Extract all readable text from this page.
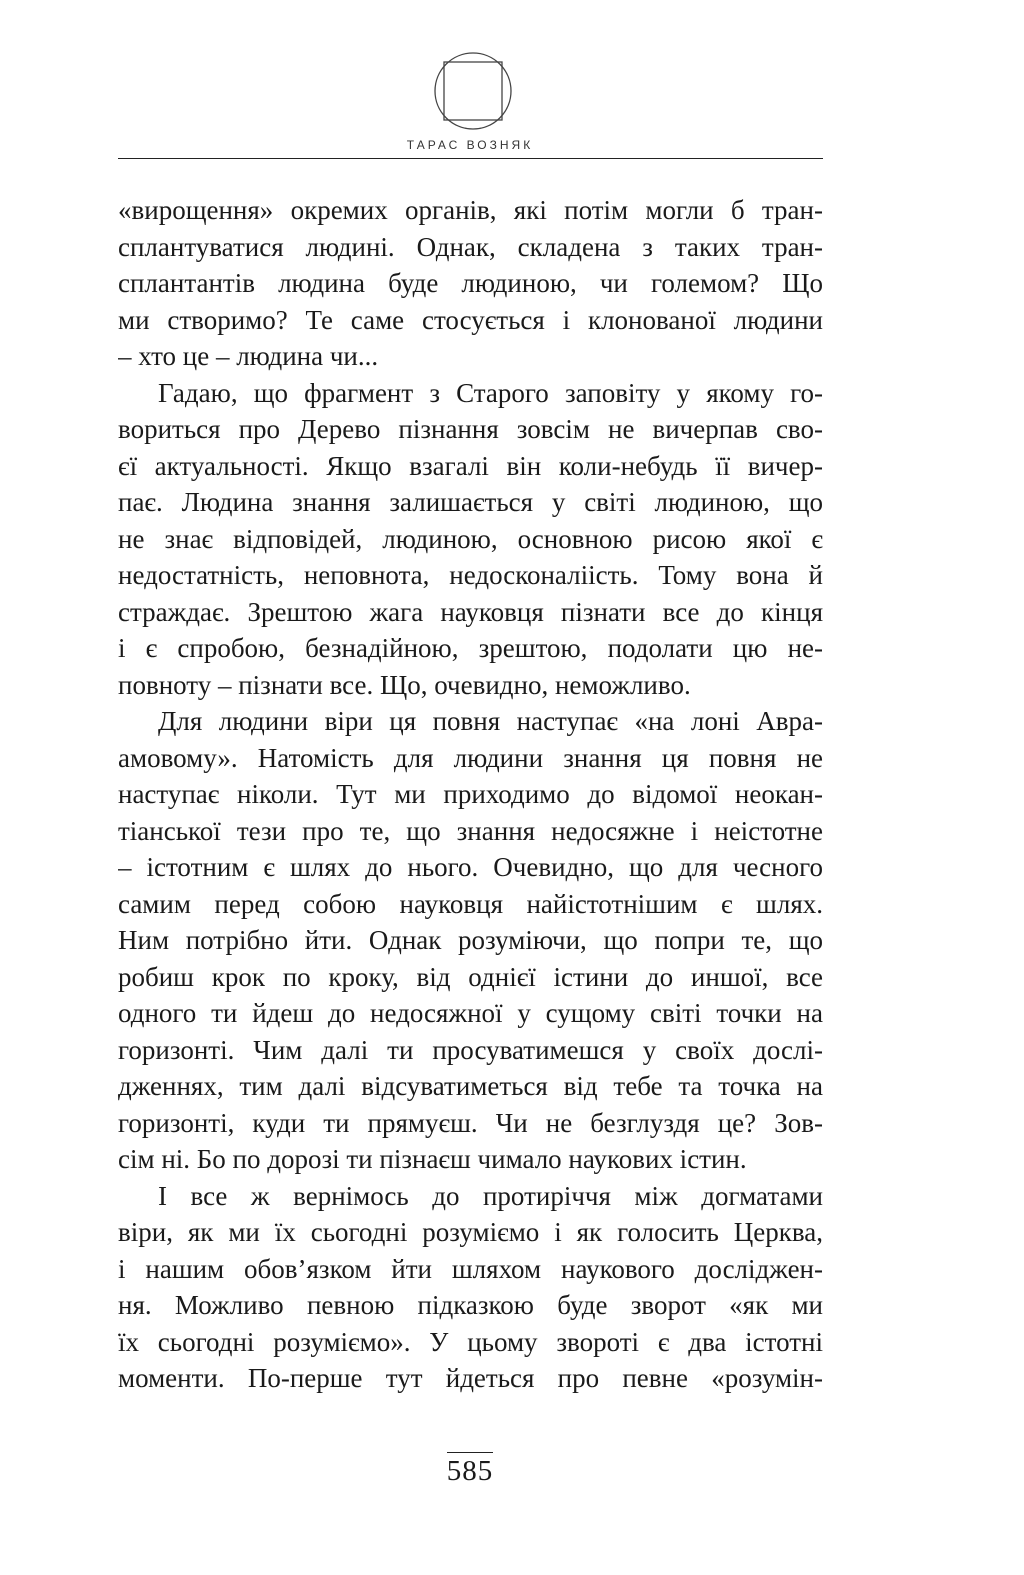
ТАРАС ВОЗНЯК
«вирощення» окремих органів, які потім могли б тран-
сплантуватися людині. Однак, складена з таких тран-
сплантантів людина буде людиною, чи големом? Що
ми створимо? Те саме стосується і клонованої людини
– хто це – людина чи...
Гадаю, що фрагмент з Старого заповіту у якому го-
вориться про Дерево пізнання зовсім не вичерпав сво-
єї актуальності. Якщо взагалі він коли-небудь її вичер-
пає. Людина знання залишається у світі людиною, що
не знає відповідей, людиною, основною рисою якої є
недостатність, неповнота, недосконаліість. Тому вона й
страждає. Зрештою жага науковця пізнати все до кінця
і є спробою, безнадійною, зрештою, подолати цю не-
повноту – пізнати все. Що, очевидно, неможливо.
Для людини віри ця повня наступає «на лоні Авра-
амовому». Натомість для людини знання ця повня не
наступає ніколи. Тут ми приходимо до відомої неокан-
тіанської тези про те, що знання недосяжне і неістотне
– істотним є шлях до нього. Очевидно, що для чесного
самим перед собою науковця найістотнішим є шлях.
Ним потрібно йти. Однак розуміючи, що попри те, що
робиш крок по кроку, від однієї істини до иншої, все
одного ти йдеш до недосяжної у сущому світі точки на
горизонті. Чим далі ти просуватимешся у своїх дослі-
дженнях, тим далі відсуватиметься від тебе та точка на
горизонті, куди ти прямуєш. Чи не безглуздя це? Зов-
сім ні. Бо по дорозі ти пізнаєш чимало наукових істин.
І все ж вернімось до протиріччя між догматами
віри, як ми їх сьогодні розуміємо і як голосить Церква,
і нашим обов’язком йти шляхом наукового досліджен-
ня. Можливо певною підказкою буде зворот «як ми
їх сьогодні розуміємо». У цьому звороті є два істотні
моменти. По-перше тут йдеться про певне «розумін-
585
